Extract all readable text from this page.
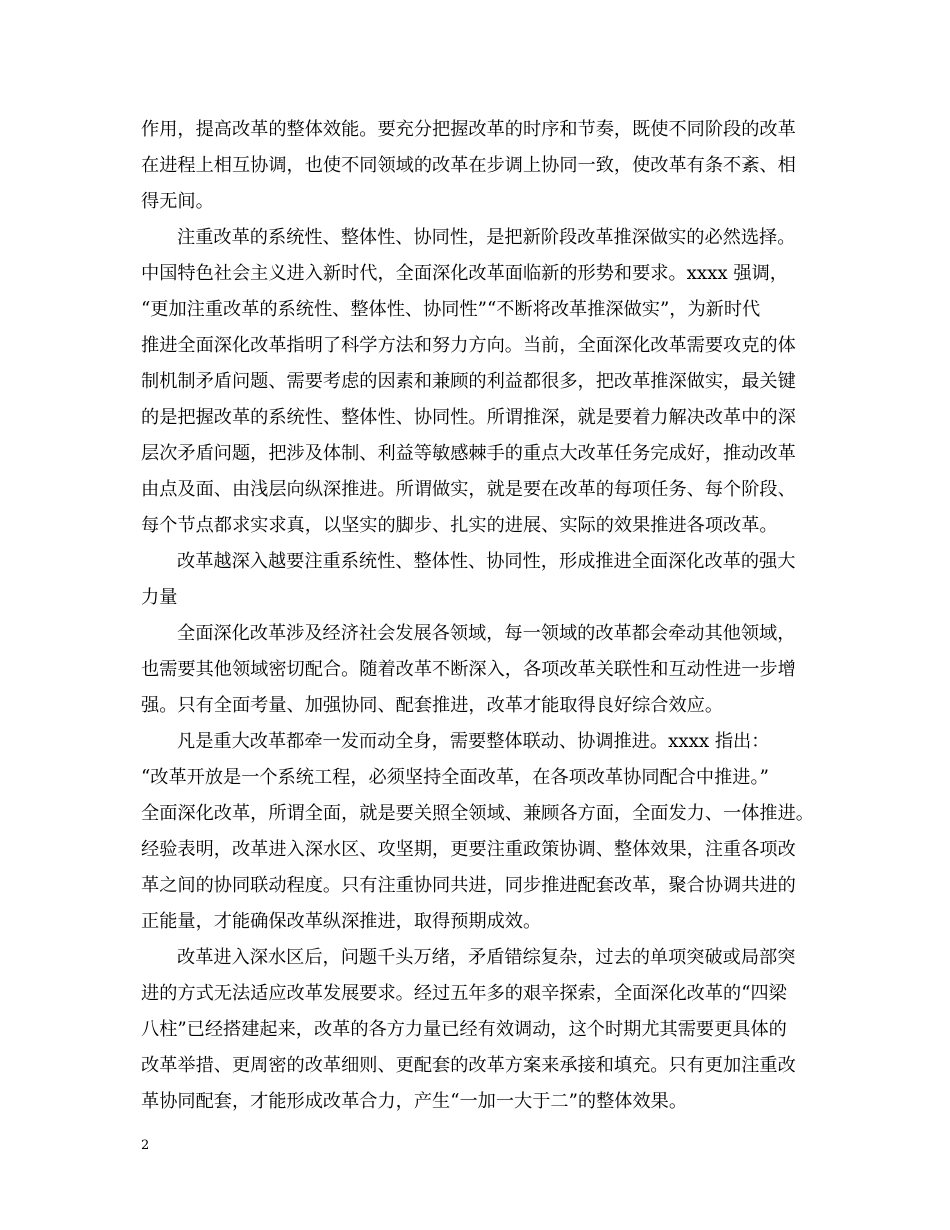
作用，提高改革的整体效能。要充分把握改革的时序和节奏，既使不同阶段的改革
在进程上相互协调，也使不同领域的改革在步调上协同一致，使改革有条不紊、相
得无间。
注重改革的系统性、整体性、协同性，是把新阶段改革推深做实的必然选择。
中国特色社会主义进入新时代，全面深化改革面临新的形势和要求。xxxx 强调，
“更加注重改革的系统性、整体性、协同性”“不断将改革推深做实”，为新时代
推进全面深化改革指明了科学方法和努力方向。当前，全面深化改革需要攻克的体
制机制矛盾问题、需要考虑的因素和兼顾的利益都很多，把改革推深做实，最关键
的是把握改革的系统性、整体性、协同性。所谓推深，就是要着力解决改革中的深
层次矛盾问题，把涉及体制、利益等敏感棘手的重点大改革任务完成好，推动改革
由点及面、由浅层向纵深推进。所谓做实，就是要在改革的每项任务、每个阶段、
每个节点都求实求真，以坚实的脚步、扎实的进展、实际的效果推进各项改革。
改革越深入越要注重系统性、整体性、协同性，形成推进全面深化改革的强大
力量
全面深化改革涉及经济社会发展各领域，每一领域的改革都会牵动其他领域，
也需要其他领域密切配合。随着改革不断深入，各项改革关联性和互动性进一步增
强。只有全面考量、加强协同、配套推进，改革才能取得良好综合效应。
凡是重大改革都牵一发而动全身，需要整体联动、协调推进。xxxx 指出：
“改革开放是一个系统工程，必须坚持全面改革，在各项改革协同配合中推进。”
全面深化改革，所谓全面，就是要关照全领域、兼顾各方面，全面发力、一体推进。
经验表明，改革进入深水区、攻坚期，更要注重政策协调、整体效果，注重各项改
革之间的协同联动程度。只有注重协同共进，同步推进配套改革，聚合协调共进的
正能量，才能确保改革纵深推进，取得预期成效。
改革进入深水区后，问题千头万绪，矛盾错综复杂，过去的单项突破或局部突
进的方式无法适应改革发展要求。经过五年多的艰辛探索，全面深化改革的“四梁
八柱”已经搭建起来，改革的各方力量已经有效调动，这个时期尤其需要更具体的
改革举措、更周密的改革细则、更配套的改革方案来承接和填充。只有更加注重改
革协同配套，才能形成改革合力，产生“一加一大于二”的整体效果。
2
